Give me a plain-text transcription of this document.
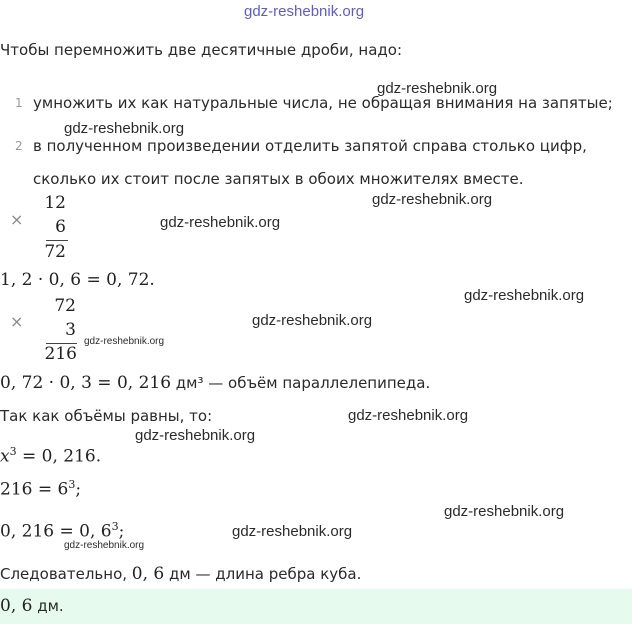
gdz-reshebnik.org
Чтобы перемножить две десятичные дроби, надо:
gdz-reshebnik.org
1 умножить их как натуральные числа, не обращая внимания на запятые;
gdz-reshebnik.org
2 в полученном произведении отделить запятой справа столько цифр,
сколько их стоит после запятых в обоих множителях вместе.
gdz-reshebnik.org
×
12
6
72
gdz-reshebnik.org
1, 2 · 0, 6 = 0, 72.
gdz-reshebnik.org
72
×	3
216
gdz-reshebnik.org
gdz-reshebnik.org
0, 72 · 0, 3 = 0, 216 дм³ — объём параллелепипеда.
Так как объёмы равны, то:	gdz-reshebnik.org
gdz-reshebnik.org
$x^3 = 0$, 216.
$216 = 6^3$;
gdz-reshebnik.org
0, 216 = 0, $6^3$;	gdz-reshebnik.org
gdz-reshebnik.org
Следовательно, 0, 6 дм — длина ребра куба.
0, 6 дм.
